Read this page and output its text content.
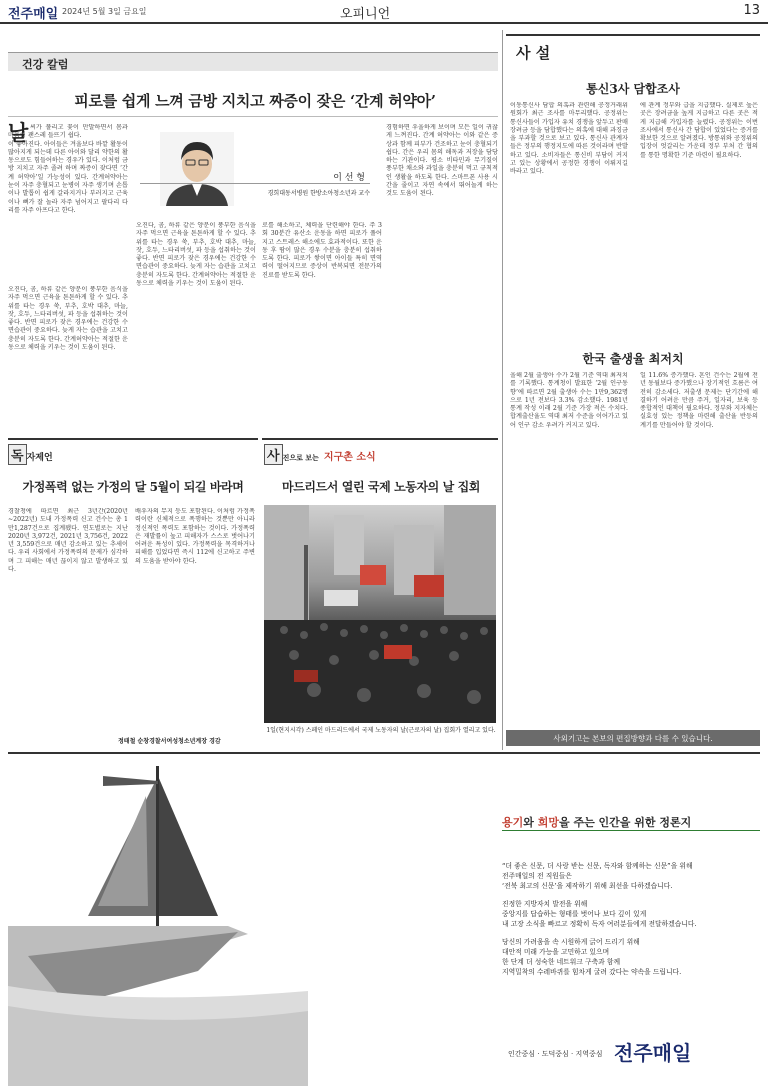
전주매일 2024년 5월 3일 금요일	오피니언	13
건강 칼럼
피로를 쉽게 느껴 금방 지치고 짜증이 잦은 ‘간계 허약아’
날 씨가 풀리고 꽃이 만발하면서 몸과 마음이 괜스레 들뜨기 쉽다.

이 좋아진다. 아이들은 겨울보다 바깥 활동이 많아지게 되는데 다른 아이와 달리 약한의 활동으로도 힘들어하는 경우가 있다. 이처럼 금방 지치고 자주 졸려 하며 짜증이 잦다면 ‘간계 허약아’일 가능성이 있다. 간계허약아는 눈이 자주 충혈되고 눈병이 자주 생기며 손톱이나 발톱이 쉽게 갈라지거나 부러지고 근육이나 뼈가 잘 놀라 자주 넘어지고 팔다리 다리를 자주 아프다고 한다.

이 선 형
경희대동서병원 한방소아청소년과 교수

오진다, 곰, 하류 같은 양분이 풍부한 음식을 자주 먹으면 근육을 튼튼하게 할 수 있다. 추위를 타는 경우 쑥, 부추, 호박 대추, 마늘, 잣, 호두, 느타리버섯, 파 등을 섭취하는 것이 좋다. 반면 피로가 잦은 경우에는 건강한 수면습관이 중요하다. 늦게 자는 습관을 고치고 충분히 자도록 한다. 간계허약아는 적절한 운동으로 체력을 키우는 것이 도움이 된다.

로를 해소하고, 체력을 단련해야 한다. 주 3회 30분간 유산소 운동을 하면 피로가 풀어지고 스트레스 해소에도 효과적이다. 또한 운동 후 땀이 많은 경우 수분을 충분히 섭취하도록 한다. 피로가 쌓이면 아이들 특히 면역력이 떨어지므로 증상이 반복되면 전문가의 진료를 받도록 한다.

경험하면 우울하게 보이며 모든 일이 귀찮게 느껴진다. 간계 허약아는 이와 같은 증상과 함께 피부가 건조하고 눈이 충혈되기 쉽다. 간은 우리 몸의 해독과 저장을 담당하는 기관이다. 평소 비타민과 무기질이 풍부한 채소와 과일을 충분히 먹고 규칙적인 생활을 하도록 한다. 스마트폰 사용 시간을 줄이고 자연 속에서 뛰어놀게 하는 것도 도움이 된다.

오진다, 곰, 하류 같은 양분이 풍부한 음식을 자주 먹으면 근육을 튼튼하게 할 수 있다. 추위를 타는 경우 쑥, 부추, 호박 대추, 마늘, 잣, 호두, 느타리버섯, 파 등을 섭취하는 것이 좋다. 반면 피로가 잦은 경우에는 건강한 수면습관이 중요하다. 늦게 자는 습관을 고치고 충분히 자도록 한다. 간계허약아는 적절한 운동으로 체력을 키우는 것이 도움이 된다.

독 자제언
가정폭력 없는 가정의 달 5월이 되길 바라며

경찰청에 따르면 최근 3년간(2020년~2022년) 도내 가정폭력 신고 건수는 총 1만1,287건으로 집계됐다. 연도별로는 지난 2020년 3,972건, 2021년 3,756건, 2022년 3,559건으로 매년 감소하고 있는 추세이다. 우리 사회에서 가정폭력의 문제가 심각하며 그 피해는 매년 끊이지 않고 발생하고 있다.

배우자의 무지 등도 포함된다. 이처럼 가정폭력이란 신체적으로 폭행하는 것뿐만 아니라 정신적인 폭력도 포함하는 것이다. 가정폭력은 재발률이 높고 피해자가 스스로 벗어나기 어려운 특성이 있다. 가정폭력을 목격하거나 피해를 입었다면 즉시 112에 신고하고 주변의 도움을 받아야 한다.

정태철 순창경찰서여성청소년계장 경감
사 진으로 보는 지구촌 소식
마드리드서 열린 국제 노동자의 날 집회
1일(현지시각) 스페인 마드리드에서 국제 노동자의 날(근로자의 날) 집회가 열리고 있다.
사 설
통신3사 담합조사

이동통신사 담합 의혹과 관련해 공정거래위원회가 최근 조사를 마무리했다. 공정위는 통신사들이 가입자 유치 경쟁을 앞두고 판매장려금 등을 담합했다는 의혹에 대해 과징금을 부과할 것으로 보고 있다. 통신사 관계자들은 정부의 행정지도에 따른 것이라며 반발하고 있다. 소비자들은 통신비 부담이 커지고 있는 상황에서 공정한 경쟁이 이뤄지길 바라고 있다.

에 관계 정부와 급을 지급했다. 실제로 높은 곳은 장려금을 높게 지급하고 다른 곳은 적게 지급해 가입자를 늘렸다. 공정위는 이번 조사에서 통신사 간 담합이 있었다는 증거를 확보한 것으로 알려졌다. 방통위와 공정위의 입장이 엇갈리는 가운데 정부 부처 간 협의를 통한 명확한 기준 마련이 필요하다.

한국 출생율 최저치

올해 2월 출생아 수가 2월 기준 역대 최저치를 기록했다. 통계청이 발표한 ‘2월 인구동향’에 따르면 2월 출생아 수는 1만9,362명으로 1년 전보다 3.3% 감소했다. 1981년 통계 작성 이래 2월 기준 가장 적은 수치다. 합계출산율도 역대 최저 수준을 이어가고 있어 인구 감소 우려가 커지고 있다.

일 11.6% 증가했다. 혼인 건수는 2월에 전년 동월보다 증가했으나 장기적인 흐름은 여전히 감소세다. 저출생 문제는 단기간에 해결하기 어려운 만큼 주거, 일자리, 보육 등 종합적인 대책이 필요하다. 정부와 지자체는 실효성 있는 정책을 마련해 출산율 반등의 계기를 만들어야 할 것이다.

사외기고는 본보의 편집방향과 다를 수 있습니다.
용기와 희망을 주는 인간을 위한 정론지
“더 좋은 신문, 더 사랑 받는 신문, 독자와 함께하는 신문”을 위해
전주매일의 전 직원들은
‘전북 최고의 신문’을 제작하기 위해 최선을 다하겠습니다.
진정한 지방자치 발전을 위해
중앙지를 답습하는 형태를 벗어나 보다 깊이 있게
내 고장 소식을 빠르고 정확히 독자 여러분들에게 전달하겠습니다.
당신의 가려움을 속 시원하게 긁어 드리기 위해
대안적 미래 가능을 고민하고 있으며
한 단계 더 성숙한 네트워크 구축과 함께
지역밀착의 수레바퀴를 힘차게 굴려 갔다는 약속을 드립니다.
인간중심 · 도덕중심 · 지역중심 전주매일
